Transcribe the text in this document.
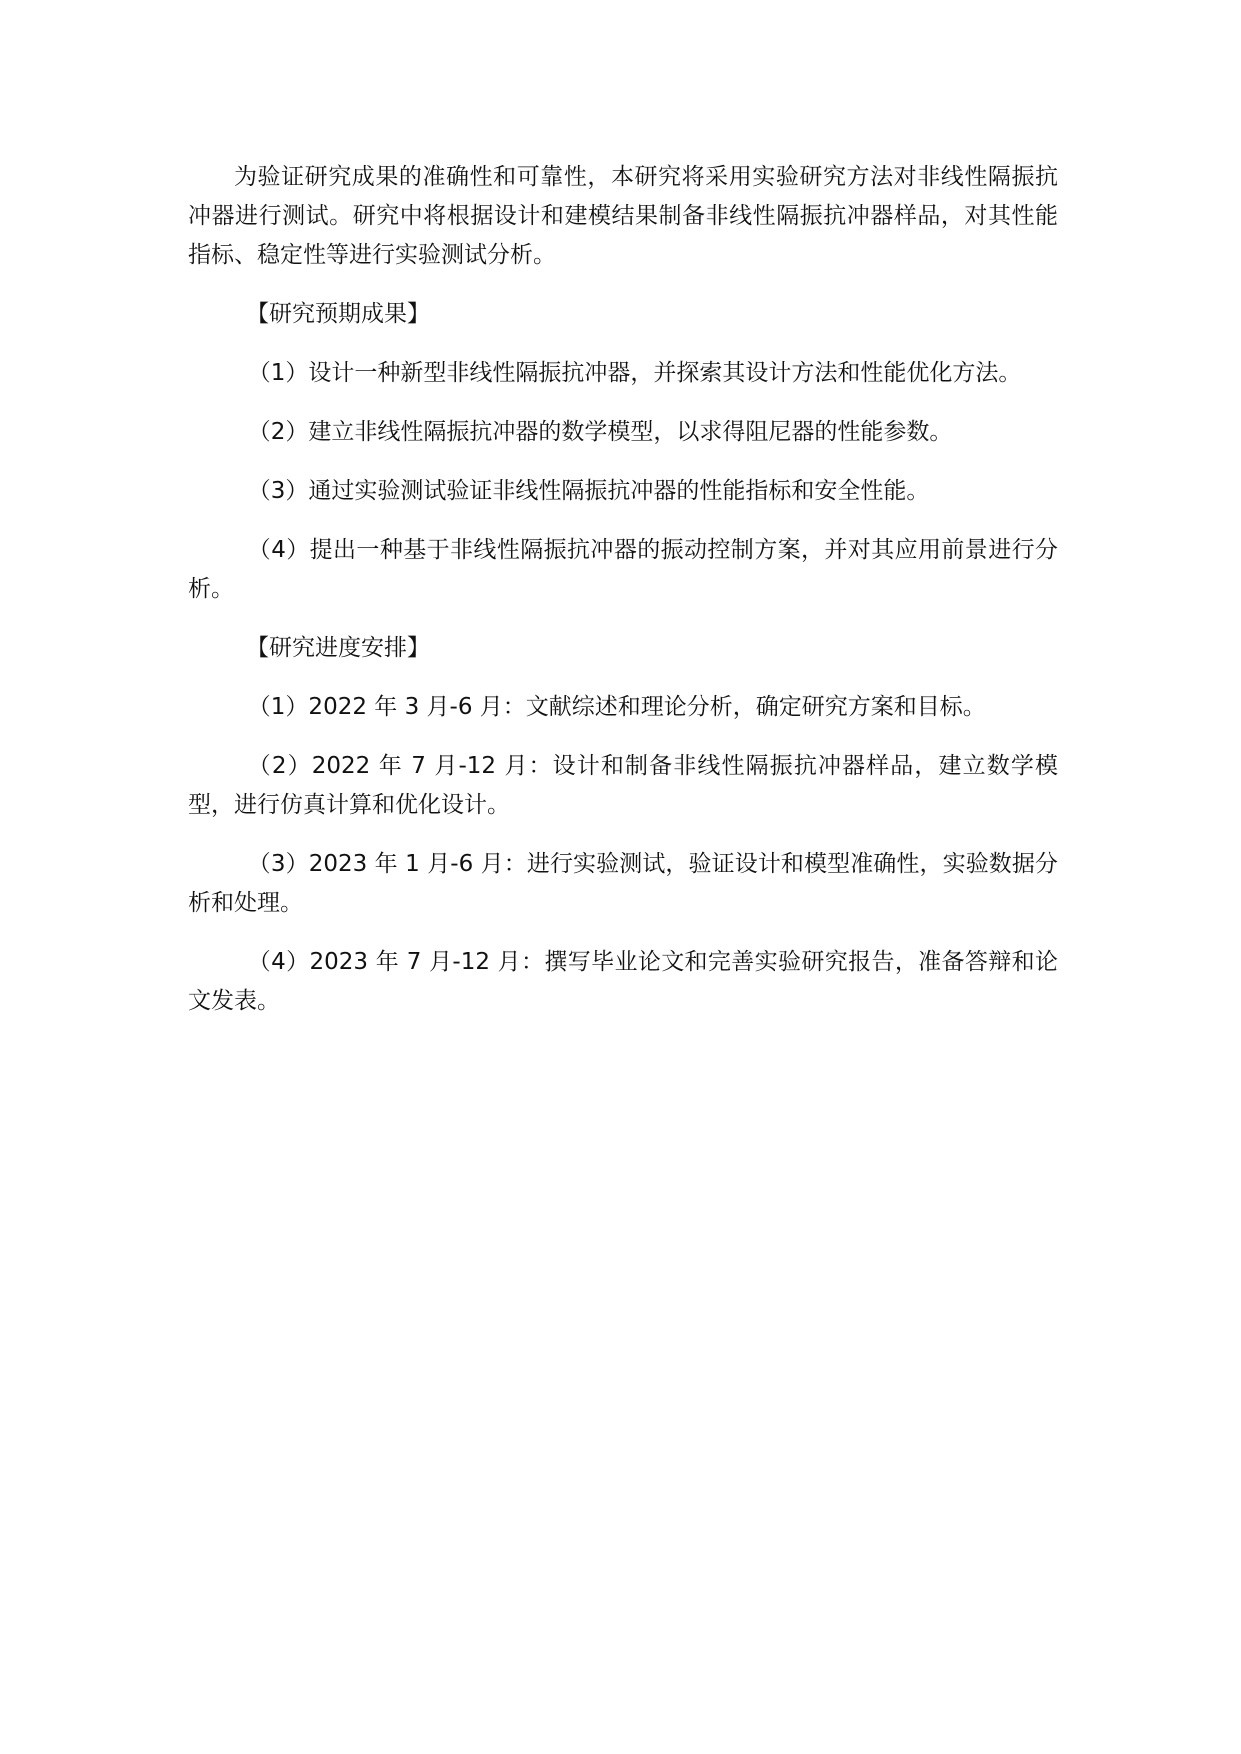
为验证研究成果的准确性和可靠性，本研究将采用实验研究方法对非线性隔振抗冲器进行测试。研究中将根据设计和建模结果制备非线性隔振抗冲器样品，对其性能指标、稳定性等进行实验测试分析。

【研究预期成果】

（1）设计一种新型非线性隔振抗冲器，并探索其设计方法和性能优化方法。

（2）建立非线性隔振抗冲器的数学模型，以求得阻尼器的性能参数。

（3）通过实验测试验证非线性隔振抗冲器的性能指标和安全性能。

（4）提出一种基于非线性隔振抗冲器的振动控制方案，并对其应用前景进行分析。

【研究进度安排】

（1）2022 年 3 月-6 月：文献综述和理论分析，确定研究方案和目标。

（2）2022 年 7 月-12 月：设计和制备非线性隔振抗冲器样品，建立数学模型，进行仿真计算和优化设计。

（3）2023 年 1 月-6 月：进行实验测试，验证设计和模型准确性，实验数据分析和处理。

（4）2023 年 7 月-12 月：撰写毕业论文和完善实验研究报告，准备答辩和论文发表。
